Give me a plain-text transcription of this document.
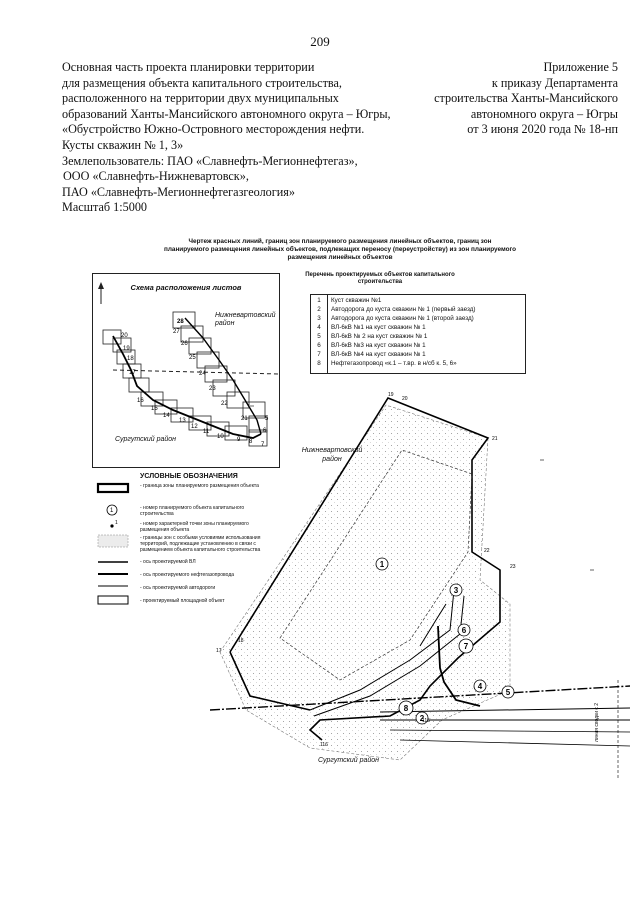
209
Основная часть проекта планировки территории
для размещения объекта капитального строительства,
расположенного на территории двух муниципальных
образований Ханты-Мансийского автономного округа – Югры,
«Обустройство Южно-Островного месторождения нефти.
Кусты скважин № 1, 3»
Землепользователь: ПАО «Славнефть-Мегионнефтегаз»,
ООО «Славнефть-Нижневартовск»,
ПАО «Славнефть-Мегионнефтегазгеология»
Масштаб 1:5000
Приложение 5
к приказу Департамента
строительства Ханты-Мансийского
автономного округа – Югры
от 3 июня 2020 года № 18-нп
Чертеж красных линий, границ зон планируемого размещения линейных объектов, границ зон
планируемого размещения линейных объектов, подлежащих переносу (переустройству) из зон планируемого
размещения линейных объектов
Схема расположения листов
28
27
26
25
24
23
22
21
20
19
18
17
16
15
14
13
12
11
10 9 8 7
6
5
Нижневартовский район
Сургутский район
Перечень проектируемых объектов капитального строительства
1	Куст скважин №1
2	Автодорога до куста скважин № 1 (первый заезд)
3	Автодорога до куста скважин № 1 (второй заезд)
4	ВЛ-6кВ №1 на куст скважин № 1
5	ВЛ-6кВ № 2 на куст скважин № 1
6	ВЛ-6кВ №3 на куст скважин № 1
7	ВЛ-6кВ №4 на куст скважин № 1
8	Нефтегазопровод «к.1 – т.вр. в н/сб к. 5, 6»
УСЛОВНЫЕ ОБОЗНАЧЕНИЯ
1
1
- граница зоны планируемого размещения объекта
- номер планируемого объекта капитального строительства
- номер характерной точки зоны планируемого размещения объекта
- границы зон с особыми условиями использования территорий, подлежащие установлению в связи с размещением объекта капитального строительства
- ось проектируемой ВЛ
- ось проектируемого нефтегазопровода
- ось проектируемой автодороги
- проектируемый площадной объект
1
3
6
4
5
7
8
2
19
20
21
22
23
17
18
116
115
Нижневартовский район
Сургутский район
линия сводки с 2
